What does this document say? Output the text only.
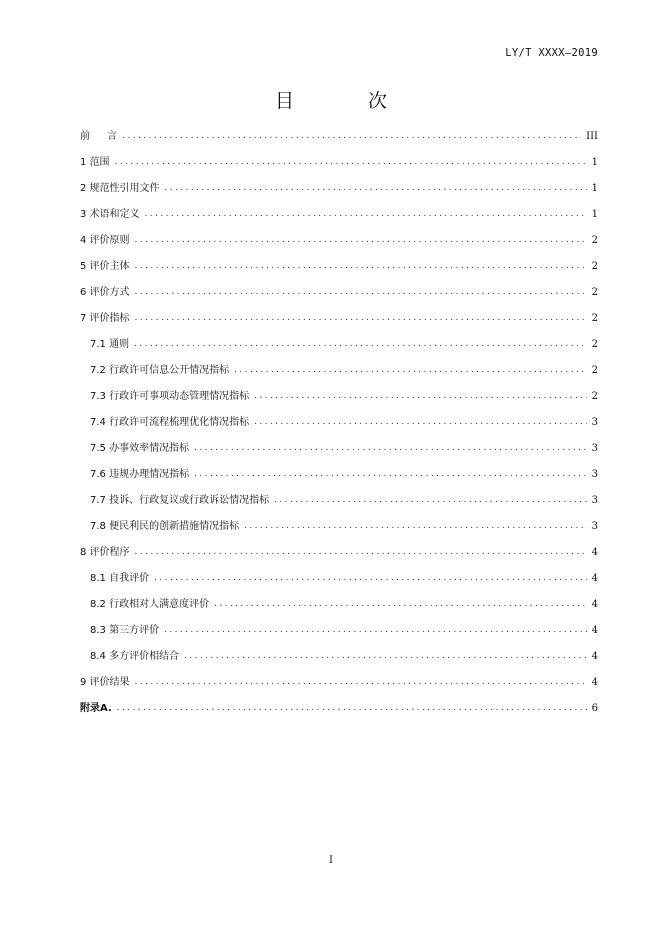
LY/T XXXX—2019
目 次
前 言 .....	III
1 范围 .....	1
2 规范性引用文件 .....	1
3 术语和定义 .....	1
4 评价原则 .....	2
5 评价主体 .....	2
6 评价方式 .....	2
7 评价指标 .....	2
7.1 通则 .....	2
7.2 行政许可信息公开情况指标 .....	2
7.3 行政许可事项动态管理情况指标 .....	2
7.4 行政许可流程梳理优化情况指标 .....	3
7.5 办事效率情况指标 .....	3
7.6 违规办理情况指标 .....	3
7.7 投诉、行政复议或行政诉讼情况指标 .....	3
7.8 便民利民的创新措施情况指标 .....	3
8 评价程序 .....	4
8.1 自我评价 .....	4
8.2 行政相对人满意度评价 .....	4
8.3 第三方评价 .....	4
8.4 多方评价相结合 .....	4
9 评价结果 .....	4
附录A. .....	6
I
